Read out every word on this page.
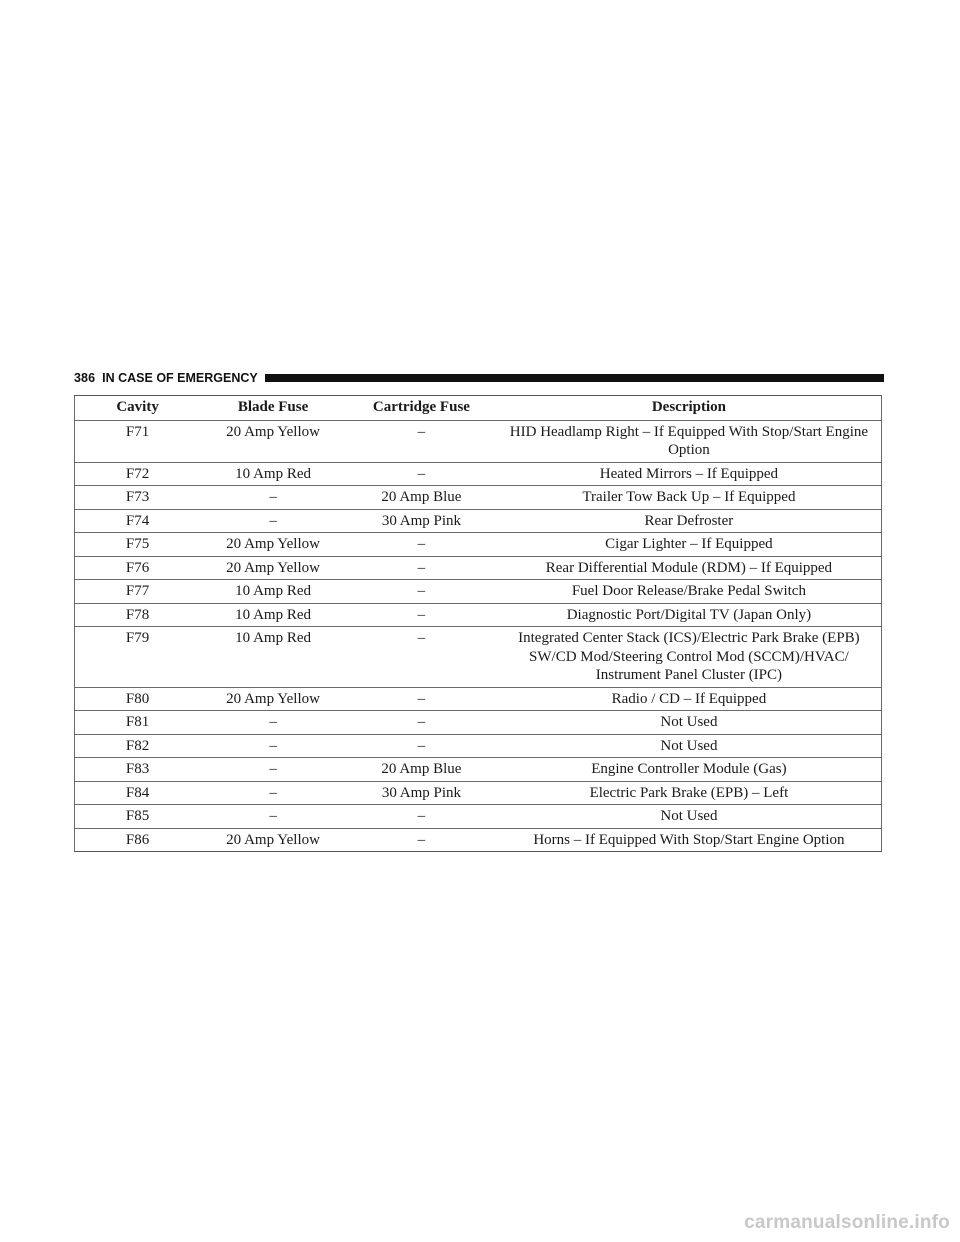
386 IN CASE OF EMERGENCY
Cavity	Blade Fuse	Cartridge Fuse	Description
F71	20 Amp Yellow	–	HID Headlamp Right – If Equipped With Stop/Start Engine Option
F72	10 Amp Red	–	Heated Mirrors – If Equipped
F73	–	20 Amp Blue	Trailer Tow Back Up – If Equipped
F74	–	30 Amp Pink	Rear Defroster
F75	20 Amp Yellow	–	Cigar Lighter – If Equipped
F76	20 Amp Yellow	–	Rear Differential Module (RDM) – If Equipped
F77	10 Amp Red	–	Fuel Door Release/Brake Pedal Switch
F78	10 Amp Red	–	Diagnostic Port/Digital TV (Japan Only)
F79	10 Amp Red	–	Integrated Center Stack (ICS)/Electric Park Brake (EPB) SW/CD Mod/Steering Control Mod (SCCM)/HVAC/ Instrument Panel Cluster (IPC)
F80	20 Amp Yellow	–	Radio / CD – If Equipped
F81	–	–	Not Used
F82	–	–	Not Used
F83	–	20 Amp Blue	Engine Controller Module (Gas)
F84	–	30 Amp Pink	Electric Park Brake (EPB) – Left
F85	–	–	Not Used
F86	20 Amp Yellow	–	Horns – If Equipped With Stop/Start Engine Option
carmanualsonline.info
